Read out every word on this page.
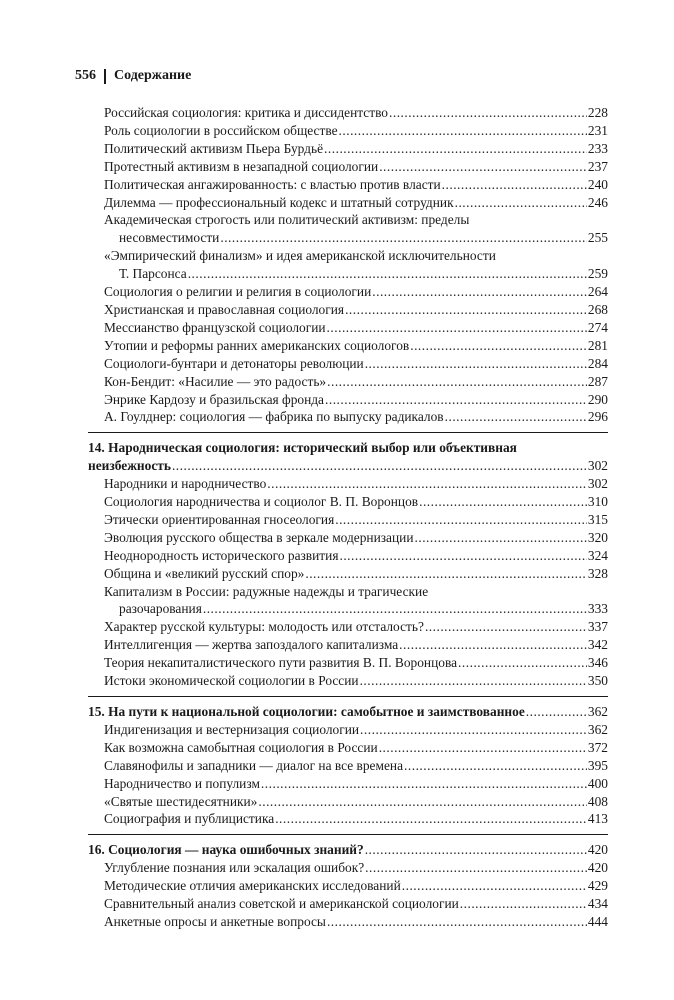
556 Содержание
Российская социология: критика и диссидентство .....	228
Роль социологии в российском обществе .....	231
Политический активизм Пьера Бурдьё .....	233
Протестный активизм в незападной социологии .....	237
Политическая ангажированность: с властью против власти .....	240
Дилемма — профессиональный кодекс и штатный сотрудник .....	246
Академическая строгость или политический активизм: пределы
несовместимости .....	255
«Эмпирический финализм» и идея американской исключительности
Т. Парсонса .....	259
Социология о религии и религия в социологии .....	264
Христианская и православная социология .....	268
Мессианство французской социологии .....	274
Утопии и реформы ранних американских социологов .....	281
Социологи-бунтари и детонаторы революции .....	284
Кон-Бендит: «Насилие — это радость» .....	287
Энрике Кардозу и бразильская фронда .....	290
А. Гоулднер: социология — фабрика по выпуску радикалов .....	296
14. Народническая социология: исторический выбор или объективная
неизбежность .....	302
Народники и народничество .....	302
Социология народничества и социолог В. П. Воронцов .....	310
Этически ориентированная гносеология .....	315
Эволюция русского общества в зеркале модернизации .....	320
Неоднородность исторического развития .....	324
Община и «великий русский спор» .....	328
Капитализм в России: радужные надежды и трагические
разочарования .....	333
Характер русской культуры: молодость или отсталость? .....	337
Интеллигенция — жертва запоздалого капитализма .....	342
Теория некапиталистического пути развития В. П. Воронцова .....	346
Истоки экономической социологии в России .....	350
15. На пути к национальной социологии: самобытное и заимствованное .....	362
Индигенизация и вестернизация социологии .....	362
Как возможна самобытная социология в России .....	372
Славянофилы и западники — диалог на все времена .....	395
Народничество и популизм .....	400
«Святые шестидесятники» .....	408
Социография и публицистика .....	413
16. Социология — наука ошибочных знаний? .....	420
Углубление познания или эскалация ошибок? .....	420
Методические отличия американских исследований .....	429
Сравнительный анализ советской и американской социологии .....	434
Анкетные опросы и анкетные вопросы .....	444
